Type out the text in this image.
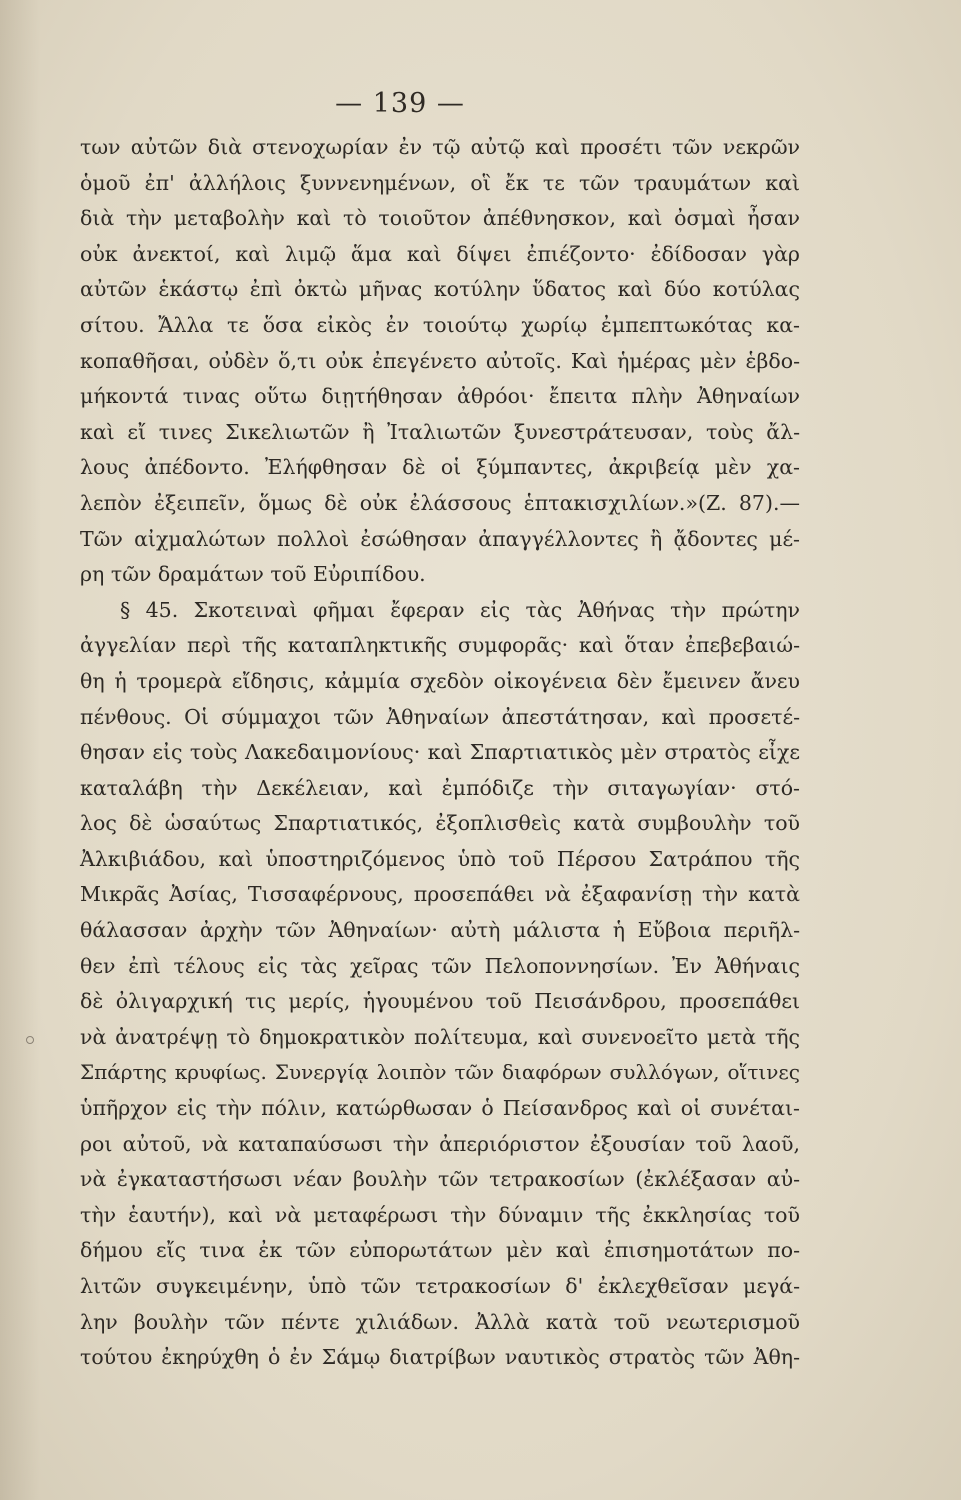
— 139 —
των αὐτῶν διὰ στενοχωρίαν ἐν τῷ αὐτῷ καὶ προσέτι τῶν νεκρῶν
ὁμοῦ ἐπ' ἀλλήλοις ξυννενημένων, οἳ ἔκ τε τῶν τραυμάτων καὶ
διὰ τὴν μεταβολὴν καὶ τὸ τοιοῦτον ἀπέθνησκον, καὶ ὀσμαὶ ἦσαν
οὐκ ἀνεκτοί, καὶ λιμῷ ἅμα καὶ δίψει ἐπιέζοντο· ἐδίδοσαν γὰρ
αὐτῶν ἑκάστῳ ἐπὶ ὀκτὼ μῆνας κοτύλην ὕδατος καὶ δύο κοτύλας
σίτου. Ἄλλα τε ὅσα εἰκὸς ἐν τοιούτῳ χωρίῳ ἐμπεπτωκότας κα-
κοπαθῆσαι, οὐδὲν ὅ,τι οὐκ ἐπεγένετο αὐτοῖς. Καὶ ἡμέρας μὲν ἑβδο-
μήκοντά τινας οὕτω διῃτήθησαν ἀθρόοι· ἔπειτα πλὴν Ἀθηναίων
καὶ εἴ τινες Σικελιωτῶν ἢ Ἰταλιωτῶν ξυνεστράτευσαν, τοὺς ἄλ-
λους ἀπέδοντο. Ἐλήφθησαν δὲ οἱ ξύμπαντες, ἀκριβείᾳ μὲν χα-
λεπὸν ἐξειπεῖν, ὅμως δὲ οὐκ ἐλάσσους ἑπτακισχιλίων.»(Ζ. 87).—
Τῶν αἰχμαλώτων πολλοὶ ἐσώθησαν ἀπαγγέλλοντες ἢ ᾄδοντες μέ-
ρη τῶν δραμάτων τοῦ Εὐριπίδου.
§ 45. Σκοτειναὶ φῆμαι ἔφεραν εἰς τὰς Ἀθήνας τὴν πρώτην
ἀγγελίαν περὶ τῆς καταπληκτικῆς συμφορᾶς· καὶ ὅταν ἐπεβεβαιώ-
θη ἡ τρομερὰ εἴδησις, κἀμμία σχεδὸν οἰκογένεια δὲν ἔμεινεν ἄνευ
πένθους. Οἱ σύμμαχοι τῶν Ἀθηναίων ἀπεστάτησαν, καὶ προσετέ-
θησαν εἰς τοὺς Λακεδαιμονίους· καὶ Σπαρτιατικὸς μὲν στρατὸς εἶχε
καταλάβη τὴν Δεκέλειαν, καὶ ἐμπόδιζε τὴν σιταγωγίαν· στό-
λος δὲ ὡσαύτως Σπαρτιατικός, ἐξοπλισθεὶς κατὰ συμβουλὴν τοῦ
Ἀλκιβιάδου, καὶ ὑποστηριζόμενος ὑπὸ τοῦ Πέρσου Σατράπου τῆς
Μικρᾶς Ἀσίας, Τισσαφέρνους, προσεπάθει νὰ ἐξαφανίσῃ τὴν κατὰ
θάλασσαν ἀρχὴν τῶν Ἀθηναίων· αὐτὴ μάλιστα ἡ Εὔβοια περιῆλ-
θεν ἐπὶ τέλους εἰς τὰς χεῖρας τῶν Πελοποννησίων. Ἐν Ἀθήναις
δὲ ὀλιγαρχική τις μερίς, ἡγουμένου τοῦ Πεισάνδρου, προσεπάθει
νὰ ἀνατρέψῃ τὸ δημοκρατικὸν πολίτευμα, καὶ συνενοεῖτο μετὰ τῆς
Σπάρτης κρυφίως. Συνεργίᾳ λοιπὸν τῶν διαφόρων συλλόγων, οἵτινες
ὑπῆρχον εἰς τὴν πόλιν, κατώρθωσαν ὁ Πείσανδρος καὶ οἱ συνέται-
ροι αὐτοῦ, νὰ καταπαύσωσι τὴν ἀπεριόριστον ἐξουσίαν τοῦ λαοῦ,
νὰ ἐγκαταστήσωσι νέαν βουλὴν τῶν τετρακοσίων (ἐκλέξασαν αὐ-
τὴν ἑαυτήν), καὶ νὰ μεταφέρωσι τὴν δύναμιν τῆς ἐκκλησίας τοῦ
δήμου εἴς τινα ἐκ τῶν εὐπορωτάτων μὲν καὶ ἐπισημοτάτων πο-
λιτῶν συγκειμένην, ὑπὸ τῶν τετρακοσίων δ' ἐκλεχθεῖσαν μεγά-
λην βουλὴν τῶν πέντε χιλιάδων. Ἀλλὰ κατὰ τοῦ νεωτερισμοῦ
τούτου ἐκηρύχθη ὁ ἐν Σάμῳ διατρίβων ναυτικὸς στρατὸς τῶν Ἀθη-
